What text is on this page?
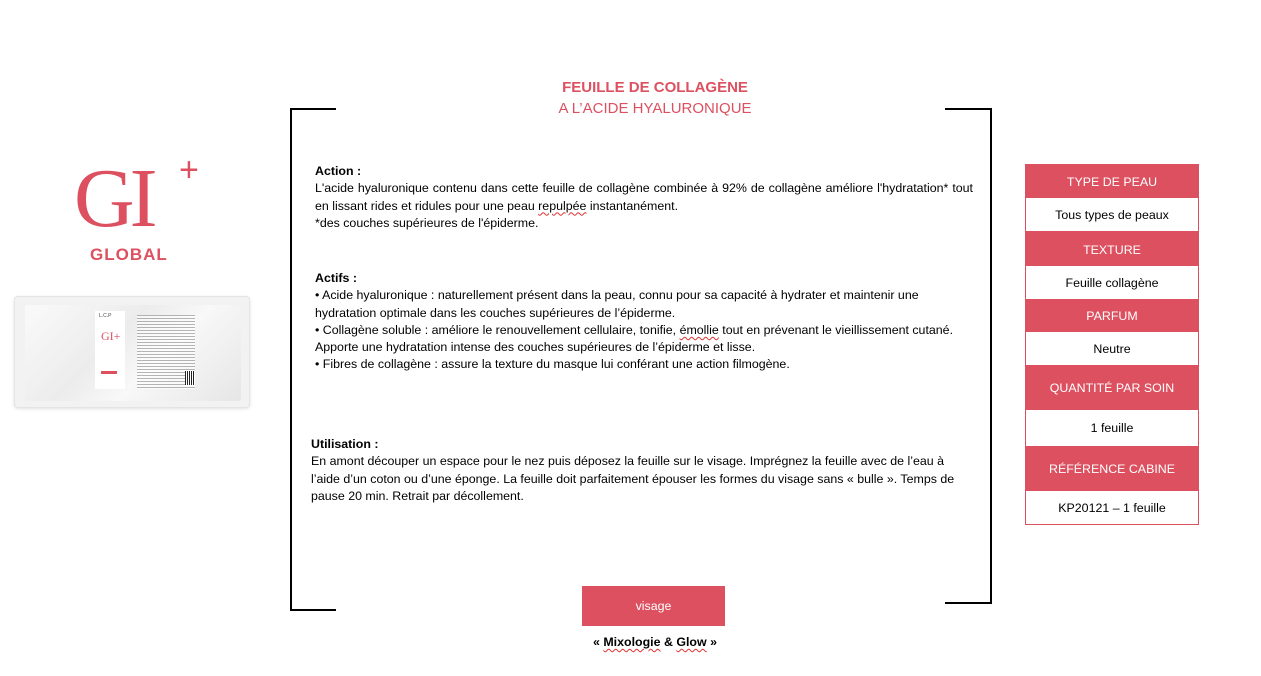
FEUILLE DE COLLAGÈNE
A L’ACIDE HYALURONIQUE
GI +
GLOBAL
L.C.P
GI+
Action :
L'acide hyaluronique contenu dans cette feuille de collagène combinée à 92% de collagène améliore l'hydratation* tout en lissant rides et ridules pour une peau repulpée instantanément.
*des couches supérieures de l'épiderme.
Actifs :
• Acide hyaluronique : naturellement présent dans la peau, connu pour sa capacité à hydrater et maintenir une hydratation optimale dans les couches supérieures de l’épiderme.
• Collagène soluble : améliore le renouvellement cellulaire, tonifie, émollie tout en prévenant le vieillissement cutané. Apporte une hydratation intense des couches supérieures de l’épiderme et lisse.
• Fibres de collagène : assure la texture du masque lui conférant une action filmogène.
Utilisation :
En amont découper un espace pour le nez puis déposez la feuille sur le visage. Imprégnez la feuille avec de l’eau à l’aide d’un coton ou d’une éponge. La feuille doit parfaitement épouser les formes du visage sans « bulle ». Temps de pause 20 min. Retrait par décollement.
TYPE DE PEAU
Tous types de peaux
TEXTURE
Feuille collagène
PARFUM
Neutre
QUANTITÉ PAR SOIN
1 feuille
RÉFÉRENCE CABINE
KP20121 – 1 feuille
visage
« Mixologie & Glow »
